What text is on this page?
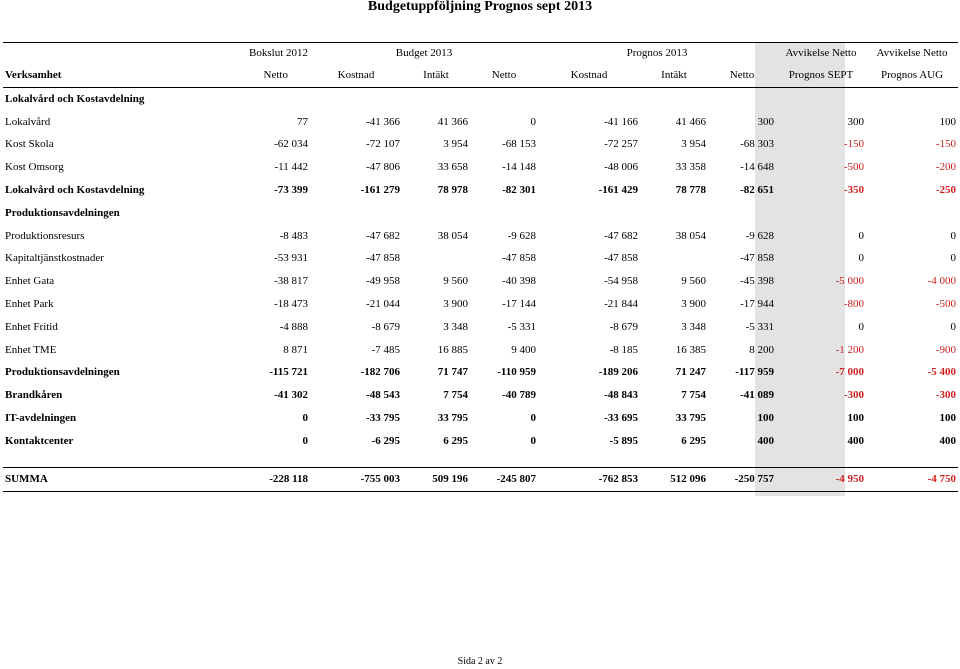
Budgetuppföljning Prognos sept 2013
	Bokslut 2012	Budget 2013			Prognos 2013			Avvikelse Netto	Avvikelse Netto
Verksamhet	Netto	Kostnad	Intäkt	Netto	Kostnad	Intäkt	Netto	Prognos SEPT	Prognos AUG
Lokalvård och Kostavdelning									
Lokalvård	77	-41 366	41 366	0	-41 166	41 466	300	300	100
Kost Skola	-62 034	-72 107	3 954	-68 153	-72 257	3 954	-68 303	-150	-150
Kost Omsorg	-11 442	-47 806	33 658	-14 148	-48 006	33 358	-14 648	-500	-200
Lokalvård och Kostavdelning	-73 399	-161 279	78 978	-82 301	-161 429	78 778	-82 651	-350	-250
Produktionsavdelningen									
Produktionsresurs	-8 483	-47 682	38 054	-9 628	-47 682	38 054	-9 628	0	0
Kapitaltjänstkostnader	-53 931	-47 858		-47 858	-47 858		-47 858	0	0
Enhet Gata	-38 817	-49 958	9 560	-40 398	-54 958	9 560	-45 398	-5 000	-4 000
Enhet Park	-18 473	-21 044	3 900	-17 144	-21 844	3 900	-17 944	-800	-500
Enhet Fritid	-4 888	-8 679	3 348	-5 331	-8 679	3 348	-5 331	0	0
Enhet TME	8 871	-7 485	16 885	9 400	-8 185	16 385	8 200	-1 200	-900
Produktionsavdelningen	-115 721	-182 706	71 747	-110 959	-189 206	71 247	-117 959	-7 000	-5 400
Brandkåren	-41 302	-48 543	7 754	-40 789	-48 843	7 754	-41 089	-300	-300
IT-avdelningen	0	-33 795	33 795	0	-33 695	33 795	100	100	100
Kontaktcenter	0	-6 295	6 295	0	-5 895	6 295	400	400	400

SUMMA	-228 118	-755 003	509 196	-245 807	-762 853	512 096	-250 757	-4 950	-4 750
Sida 2 av 2
